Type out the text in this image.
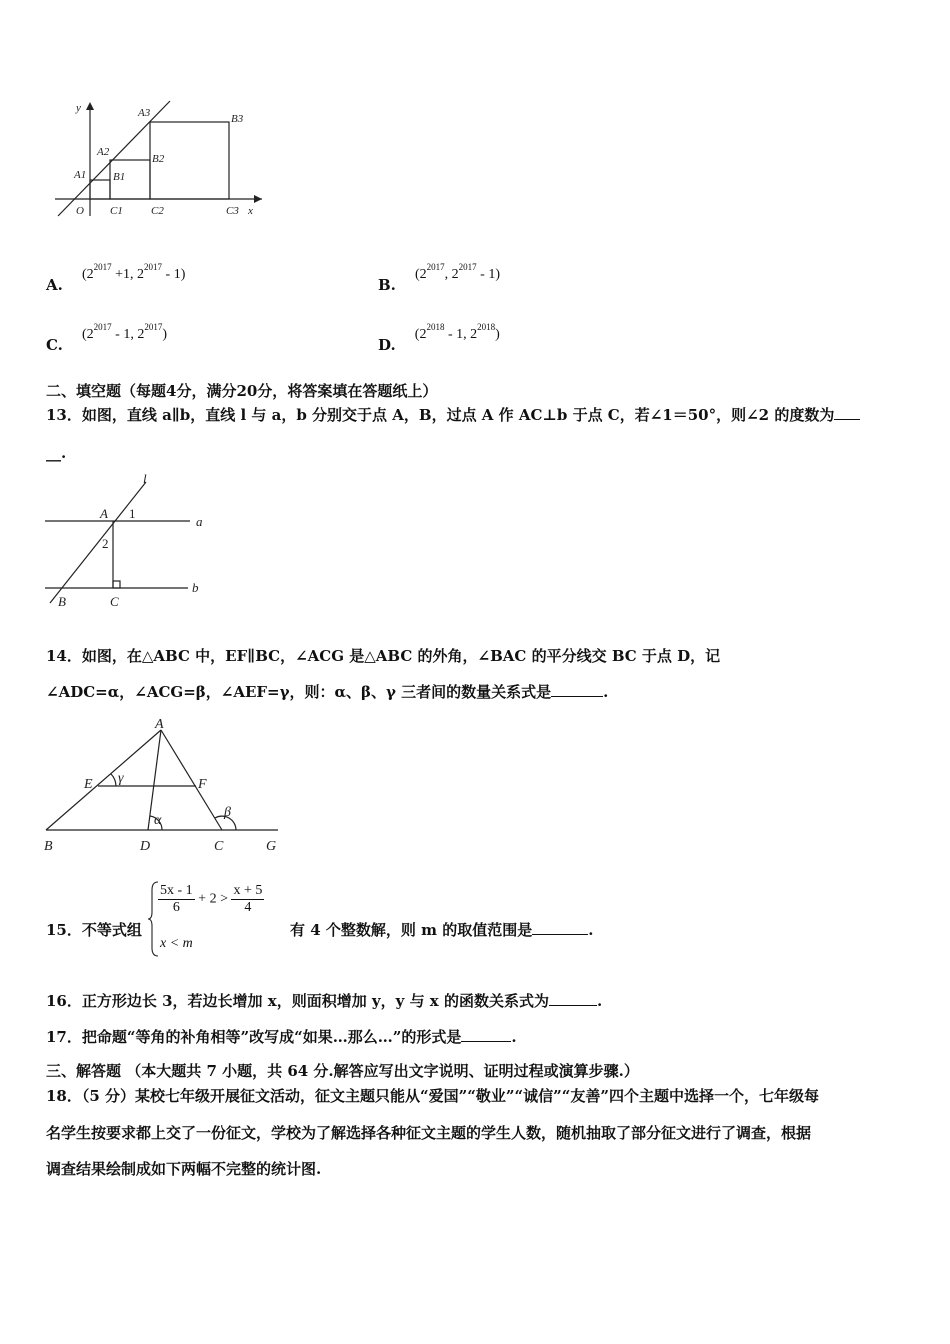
y
x
O
A1
A2
A3
B1
B2
B3
C1	C2	C3
A. ($2^{2017} +1$, $2^{2017} - 1$)
B. ($2^{2017}$, $2^{2017} - 1$)
C. ($2^{2017} - 1$, $2^{2017}$)
D. ($2^{2018} - 1$, $2^{2018}$)
二、填空题（每题4分，满分20分，将答案填在答题纸上）
13．如图，直线 a∥b，直线 l 与 a，b 分别交于点 A，B，过点 A 作 AC⊥b 于点 C，若∠1＝50°，则∠2 的度数为
__.
l
A 1
2
a
B	C
b
14．如图，在△ABC 中，EF∥BC，∠ACG 是△ABC 的外角，∠BAC 的平分线交 BC 于点 D，记
∠ADC=α，∠ACG=β，∠AEF=γ，则：α、β、γ 三者间的数量关系式是	.
A
E	F
γ
α
β
B	D	C	G
15．不等式组
$\frac{5x - 1}{6} + 2 > \frac{x + 5}{4}$
x < m
有 4 个整数解，则 m 的取值范围是	.
16．正方形边长 3，若边长增加 x，则面积增加 y，y 与 x 的函数关系式为	.
17．把命题“等角的补角相等”改写成“如果…那么…”的形式是	.
三、解答题 （本大题共 7 小题，共 64 分.解答应写出文字说明、证明过程或演算步骤.）
18．（5 分）某校七年级开展征文活动，征文主题只能从“爱国”“敬业”“诚信”“友善”四个主题中选择一个，七年级每
名学生按要求都上交了一份征文，学校为了解选择各种征文主题的学生人数，随机抽取了部分征文进行了调查，根据
调查结果绘制成如下两幅不完整的统计图.
